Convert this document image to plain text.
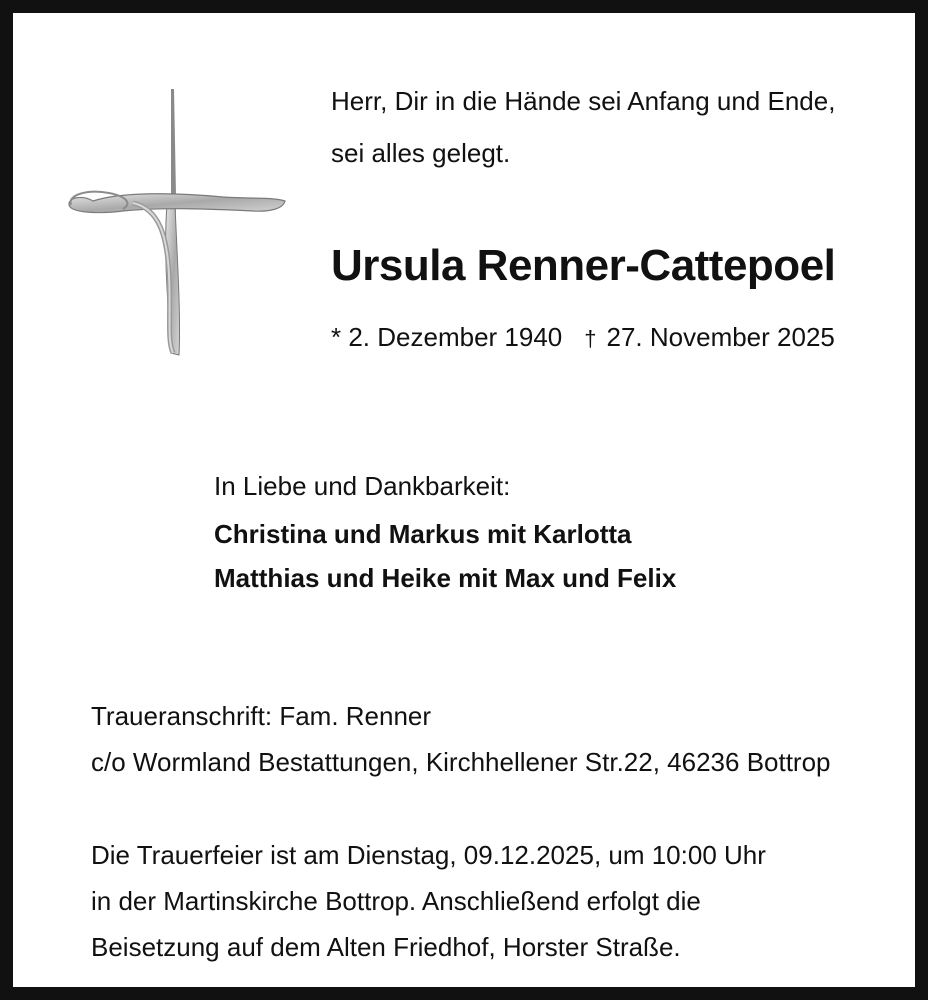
Herr, Dir in die Hände sei Anfang und Ende,
sei alles gelegt.
Ursula Renner-Cattepoel
* 2. Dezember 1940 † 27. November 2025
In Liebe und Dankbarkeit:
Christina und Markus mit Karlotta
Matthias und Heike mit Max und Felix
Traueranschrift: Fam. Renner
c/o Wormland Bestattungen, Kirchhellener Str.22, 46236 Bottrop
Die Trauerfeier ist am Dienstag, 09.12.2025, um 10:00 Uhr
in der Martinskirche Bottrop. Anschließend erfolgt die
Beisetzung auf dem Alten Friedhof, Horster Straße.
